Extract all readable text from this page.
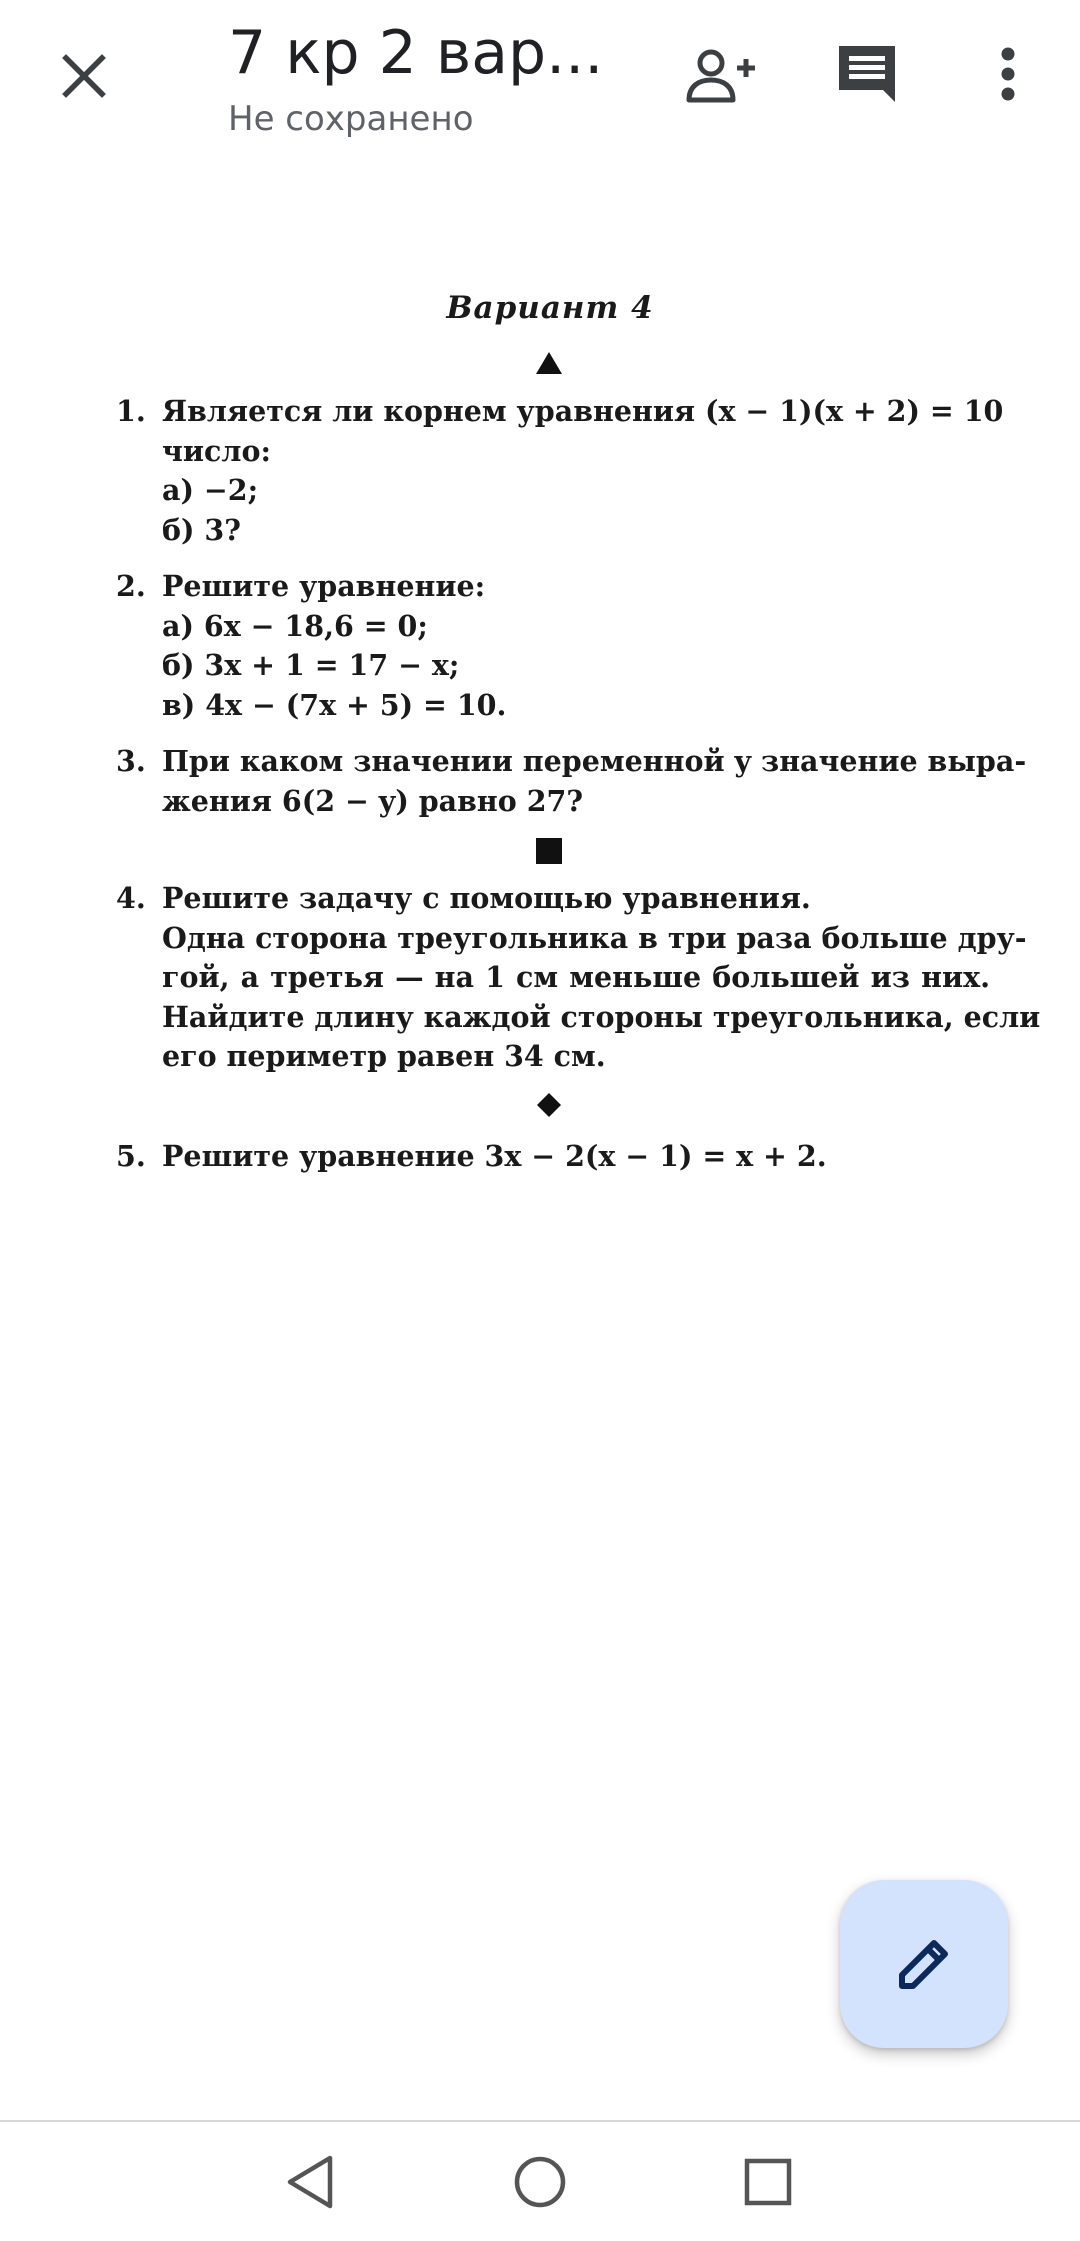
7 кр 2 вар...
Не сохранено
Вариант 4
1. Является ли корнем уравнения (x − 1)(x + 2) = 10
число:
а) −2;
б) 3?
2. Решите уравнение:
а) 6x − 18,6 = 0;
б) 3x + 1 = 17 − x;
в) 4x − (7x + 5) = 10.
3. При каком значении переменной y значение выра-
жения 6(2 − y) равно 27?
4. Решите задачу с помощью уравнения.
Одна сторона треугольника в три раза больше дру-
гой, а третья — на 1 см меньше большей из них.
Найдите длину каждой стороны треугольника, если
его периметр равен 34 см.
5. Решите уравнение 3x − 2(x − 1) = x + 2.
